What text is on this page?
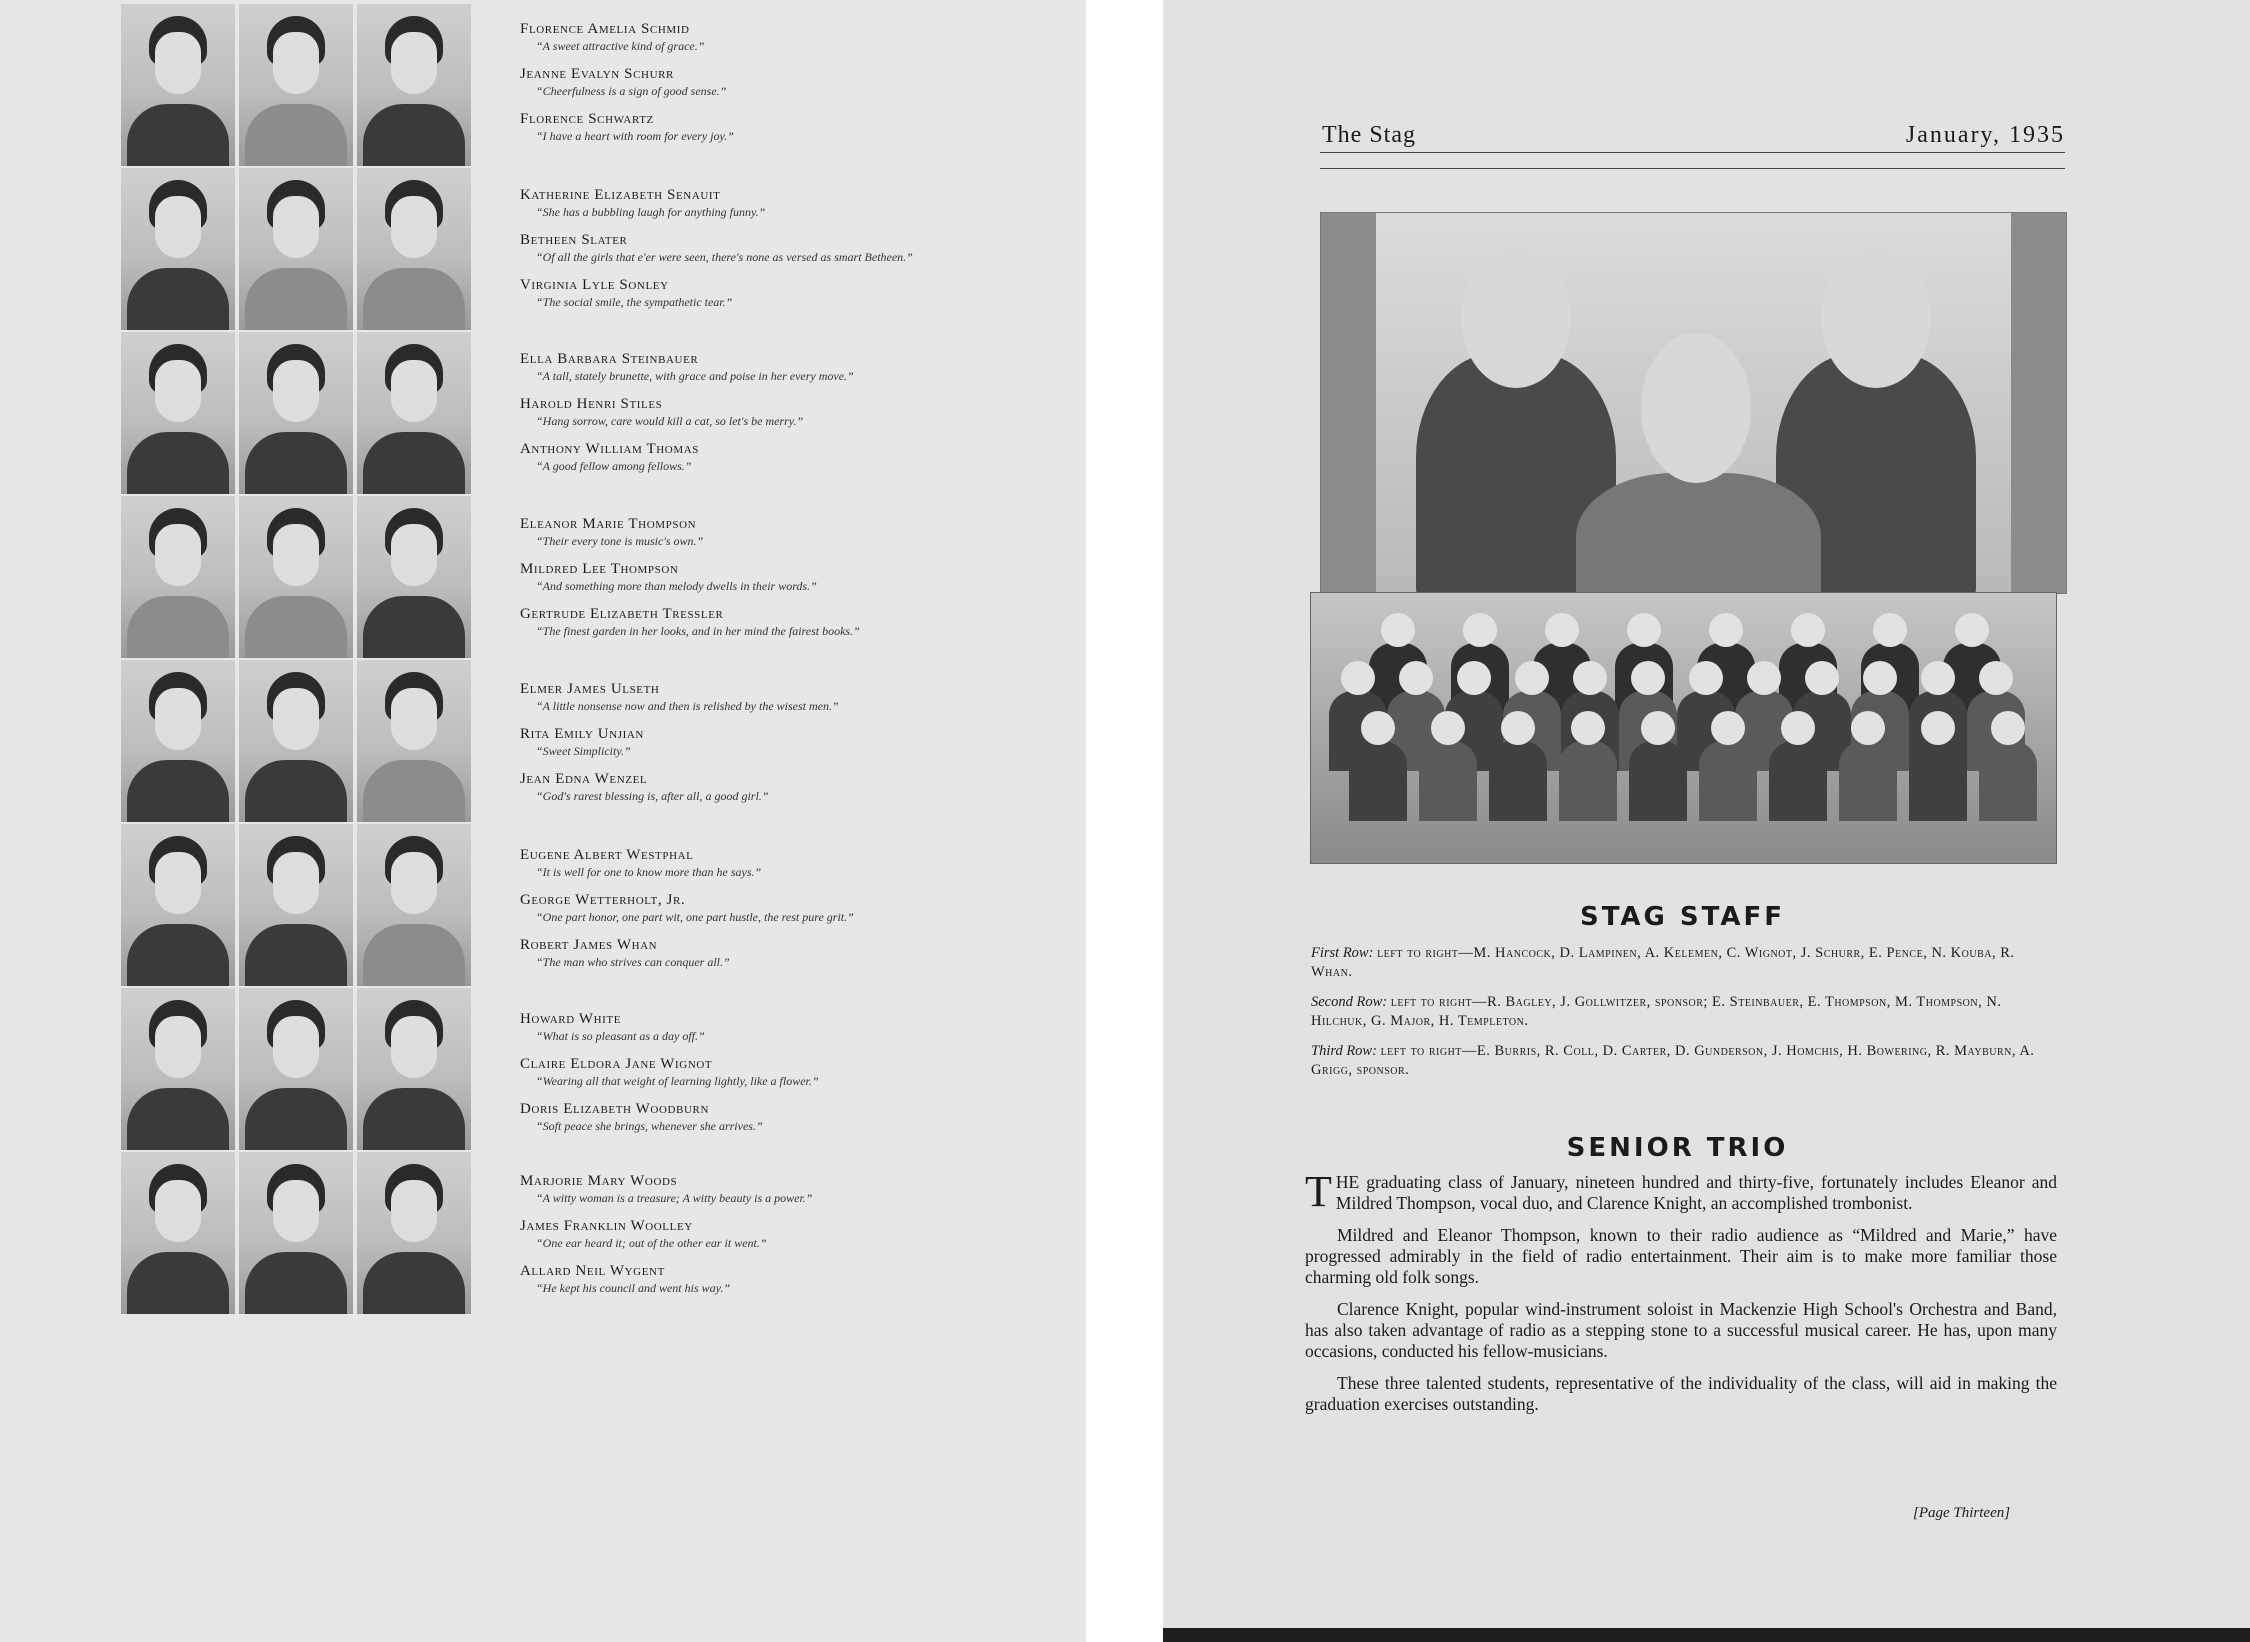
Florence Amelia Schmid
“A sweet attractive kind of grace.”
Jeanne Evalyn Schurr
“Cheerfulness is a sign of good sense.”
Florence Schwartz
“I have a heart with room for every joy.”
Katherine Elizabeth Senauit
“She has a bubbling laugh for anything funny.”
Betheen Slater
“Of all the girls that e'er were seen, there's none as versed as smart Betheen.”
Virginia Lyle Sonley
“The social smile, the sympathetic tear.”
Ella Barbara Steinbauer
“A tall, stately brunette, with grace and poise in her every move.”
Harold Henri Stiles
“Hang sorrow, care would kill a cat, so let's be merry.”
Anthony William Thomas
“A good fellow among fellows.”
Eleanor Marie Thompson
“Their every tone is music's own.”
Mildred Lee Thompson
“And something more than melody dwells in their words.”
Gertrude Elizabeth Tressler
“The finest garden in her looks, and in her mind the fairest books.”
Elmer James Ulseth
“A little nonsense now and then is relished by the wisest men.”
Rita Emily Unjian
“Sweet Simplicity.”
Jean Edna Wenzel
“God's rarest blessing is, after all, a good girl.”
Eugene Albert Westphal
“It is well for one to know more than he says.”
George Wetterholt, Jr.
“One part honor, one part wit, one part hustle, the rest pure grit.”
Robert James Whan
“The man who strives can conquer all.”
Howard White
“What is so pleasant as a day off.”
Claire Eldora Jane Wignot
“Wearing all that weight of learning lightly, like a flower.”
Doris Elizabeth Woodburn
“Soft peace she brings, whenever she arrives.”
Marjorie Mary Woods
“A witty woman is a treasure; A witty beauty is a power.”
James Franklin Woolley
“One ear heard it; out of the other ear it went.”
Allard Neil Wygent
“He kept his council and went his way.”
The Stag	January, 1935
STAG STAFF
First Row: left to right—M. Hancock, D. Lampinen, A. Kelemen, C. Wignot, J. Schurr, E. Pence, N. Kouba, R. Whan.
Second Row: left to right—R. Bagley, J. Gollwitzer, sponsor; E. Steinbauer, E. Thompson, M. Thompson, N. Hilchuk, G. Major, H. Templeton.
Third Row: left to right—E. Burris, R. Coll, D. Carter, D. Gunderson, J. Homchis, H. Bowering, R. Mayburn, A. Grigg, sponsor.
SENIOR TRIO

THE graduating class of January, nineteen hundred and thirty-five, fortunately includes Eleanor and Mildred Thompson, vocal duo, and Clarence Knight, an accomplished trombonist.

Mildred and Eleanor Thompson, known to their radio audience as “Mildred and Marie,” have progressed admirably in the field of radio entertainment. Their aim is to make more familiar those charming old folk songs.

Clarence Knight, popular wind-instrument soloist in Mackenzie High School's Orchestra and Band, has also taken advantage of radio as a stepping stone to a successful musical career. He has, upon many occasions, conducted his fellow-musicians.

These three talented students, representative of the individuality of the class, will aid in making the graduation exercises outstanding.

[Page Thirteen]
